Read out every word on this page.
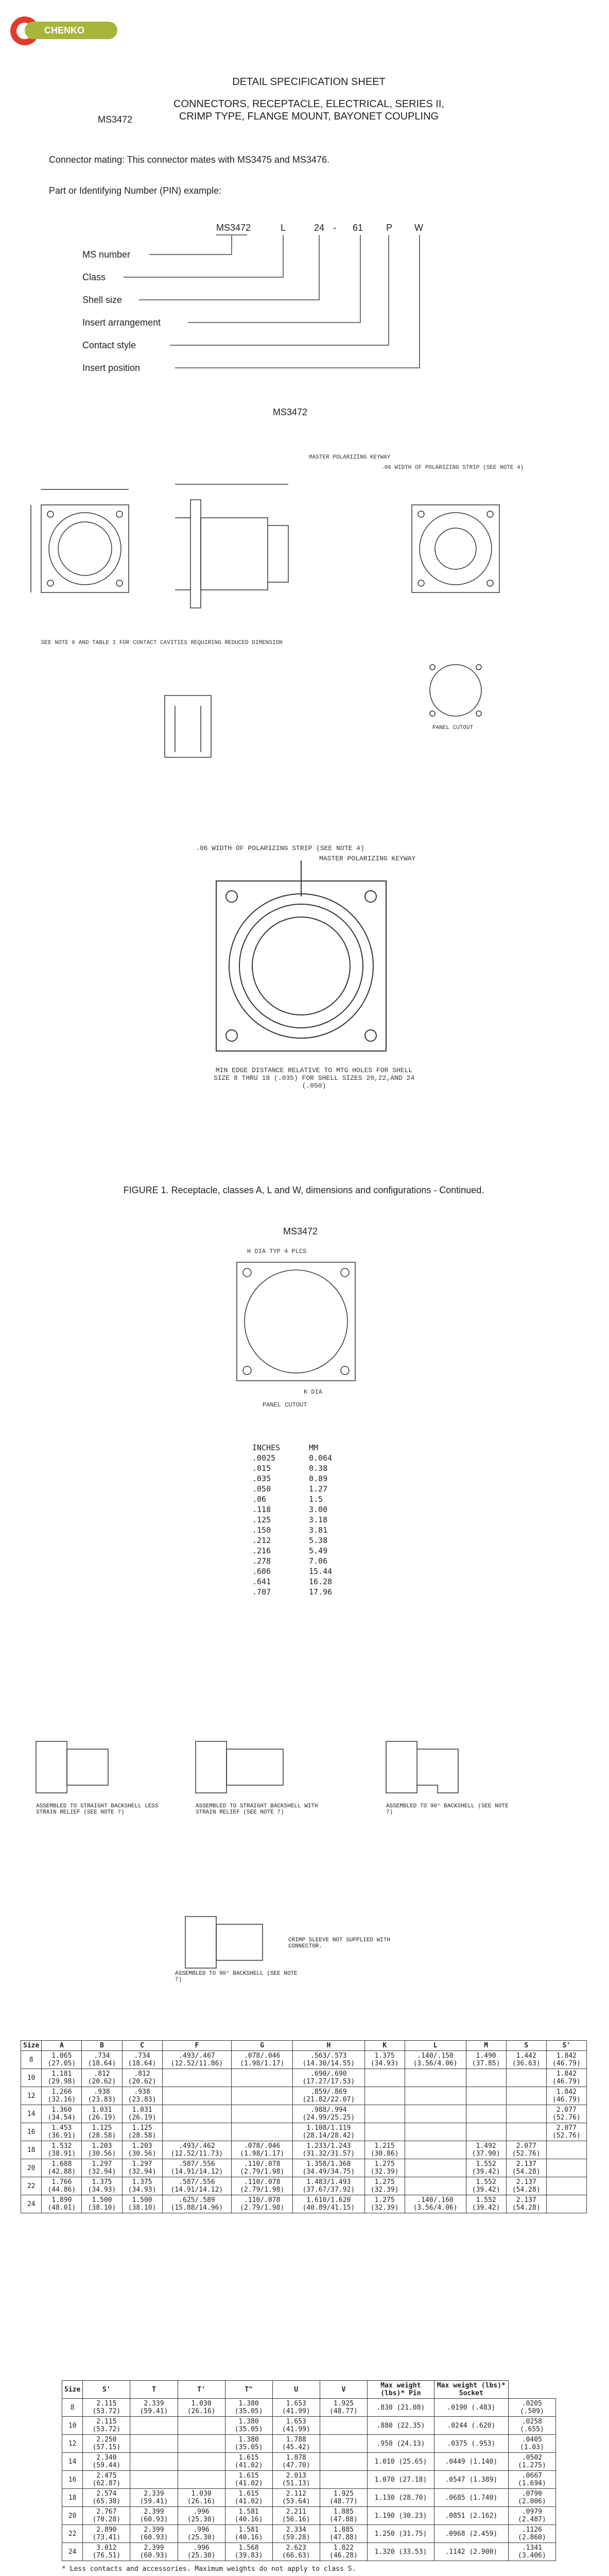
CHENKO CONNECTORS
DETAIL SPECIFICATION SHEET
MS3472
CONNECTORS, RECEPTACLE, ELECTRICAL, SERIES II,
CRIMP TYPE, FLANGE MOUNT, BAYONET COUPLING
Connector mating: This connector mates with MS3475 and MS3476.
Part or Identifying Number (PIN) example:
MS3472	L	24 - 61 P W
MS number
Class
Shell size
Insert arrangement
Contact style
Insert position
MS3472
MASTER POLARIZING KEYWAY
.06 WIDTH OF POLARIZING STRIP (SEE NOTE 4)
SEE NOTE 6 AND TABLE I FOR CONTACT CAVITIES REQUIRING REDUCED DIMENSION
PANEL CUTOUT
.06 WIDTH OF POLARIZING STRIP (SEE NOTE 4)
MASTER POLARIZING KEYWAY
MIN EDGE DISTANCE RELATIVE TO MTG HOLES FOR SHELL SIZE 8 THRU 18 (.035) FOR SHELL SIZES 20,22,AND 24 (.050)
FIGURE 1. Receptacle, classes A, L and W, dimensions and configurations - Continued.
MS3472
H DIA TYP 4 PLCS
K DIA
PANEL CUTOUT
INCHES	MM
.0025	0.064
.015	0.38
.035	0.89
.050	1.27
.06	1.5
.118	3.00
.125	3.18
.150	3.81
.212	5.38
.216	5.49
.278	7.06
.606	15.44
.641	16.28
.707	17.96
ASSEMBLED TO STRAIGHT BACKSHELL LESS STRAIN RELIEF (SEE NOTE 7)
ASSEMBLED TO STRAIGHT BACKSHELL WITH STRAIN RELIEF (SEE NOTE 7)
ASSEMBLED TO 90° BACKSHELL (SEE NOTE 7)
ASSEMBLED TO 90° BACKSHELL (SEE NOTE 7)
CRIMP SLEEVE NOT SUPPLIED WITH CONNECTOR.
Size	A	B	C	F	G	H	K	L	M	S	S'
8	1.065 (27.05)	.734 (18.64)	.734 (18.64)	.493/.467 (12.52/11.86)	.078/.046 (1.98/1.17)	.563/.573 (14.30/14.55)	1.375 (34.93)	.140/.150 (3.56/4.06)	1.490 (37.85)	1.442 (36.63)	1.842 (46.79)
10	1.181 (29.98)	.812 (20.62)	.812 (20.62)			.690/.690 (17.27/17.53)					1.842 (46.79)
12	1.266 (32.16)	.938 (23.83)	.938 (23.83)			.859/.869 (21.82/22.07)					1.842 (46.79)
14	1.360 (34.54)	1.031 (26.19)	1.031 (26.19)			.988/.994 (24.99/25.25)					2.077 (52.76)
16	1.453 (36.91)	1.125 (28.58)	1.125 (28.58)			1.108/1.119 (28.14/28.42)					2.077 (52.76)
18	1.532 (38.91)	1.203 (30.56)	1.203 (30.56)	.493/.462 (12.52/11.73)	.078/.046 (1.98/1.17)	1.233/1.243 (31.32/31.57)	1.215 (30.86)		1.492 (37.90)	2.077 (52.76)	
20	1.688 (42.88)	1.297 (32.94)	1.297 (32.94)	.587/.556 (14.91/14.12)	.110/.078 (2.79/1.98)	1.358/1.368 (34.49/34.75)	1.275 (32.39)		1.552 (39.42)	2.137 (54.28)	
22	1.766 (44.86)	1.375 (34.93)	1.375 (34.93)	.587/.556 (14.91/14.12)	.110/.078 (2.79/1.98)	1.483/1.493 (37.67/37.92)	1.275 (32.39)		1.552 (39.42)	2.137 (54.28)	
24	1.890 (48.01)	1.500 (38.10)	1.500 (38.10)	.625/.589 (15.88/14.96)	.110/.078 (2.79/1.98)	1.610/1.620 (40.89/41.15)	1.275 (32.39)	.140/.160 (3.56/4.06)	1.552 (39.42)	2.137 (54.28)	
Size	S'	T	T'	T"	U	V	Max weight (lbs)* Pin	Max weight (lbs)* Socket	
8	2.115 (53.72)	2.339 (59.41)	1.030 (26.16)	1.380 (35.05)	1.653 (41.99)	1.925 (48.77)	.830 (21.08)	.0190 (.483)	.0205 (.509)
10	2.115 (53.72)			1.380 (35.05)	1.653 (41.99)		.880 (22.35)	.0244 (.620)	.0258 (.655)
12	2.250 (57.15)			1.380 (35.05)	1.788 (45.42)		.950 (24.13)	.0375 (.953)	.0405 (1.03)
14	2.340 (59.44)			1.615 (41.02)	1.878 (47.70)		1.010 (25.65)	.0449 (1.140)	.0502 (1.275)
16	2.475 (62.87)			1.615 (41.02)	2.013 (51.13)		1.070 (27.18)	.0547 (1.389)	.0667 (1.694)
18	2.574 (65.38)	2.339 (59.41)	1.030 (26.16)	1.615 (41.02)	2.112 (53.64)	1.925 (48.77)	1.130 (28.70)	.0685 (1.740)	.0790 (2.006)
20	2.767 (70.28)	2.399 (60.93)	.996 (25.30)	1.581 (40.16)	2.211 (56.16)	1.885 (47.88)	1.190 (30.23)	.0851 (2.162)	.0979 (2.487)
22	2.890 (73.41)	2.399 (60.93)	.996 (25.30)	1.581 (40.16)	2.334 (59.28)	1.885 (47.88)	1.250 (31.75)	.0968 (2.459)	.1126 (2.860)
24	3.012 (76.51)	2.399 (60.93)	.996 (25.30)	1.568 (39.83)	2.623 (66.63)	1.822 (46.28)	1.320 (33.53)	.1142 (2.900)	.1341 (3.406)
* Less contacts and accessories. Maximum weights do not apply to class S.
